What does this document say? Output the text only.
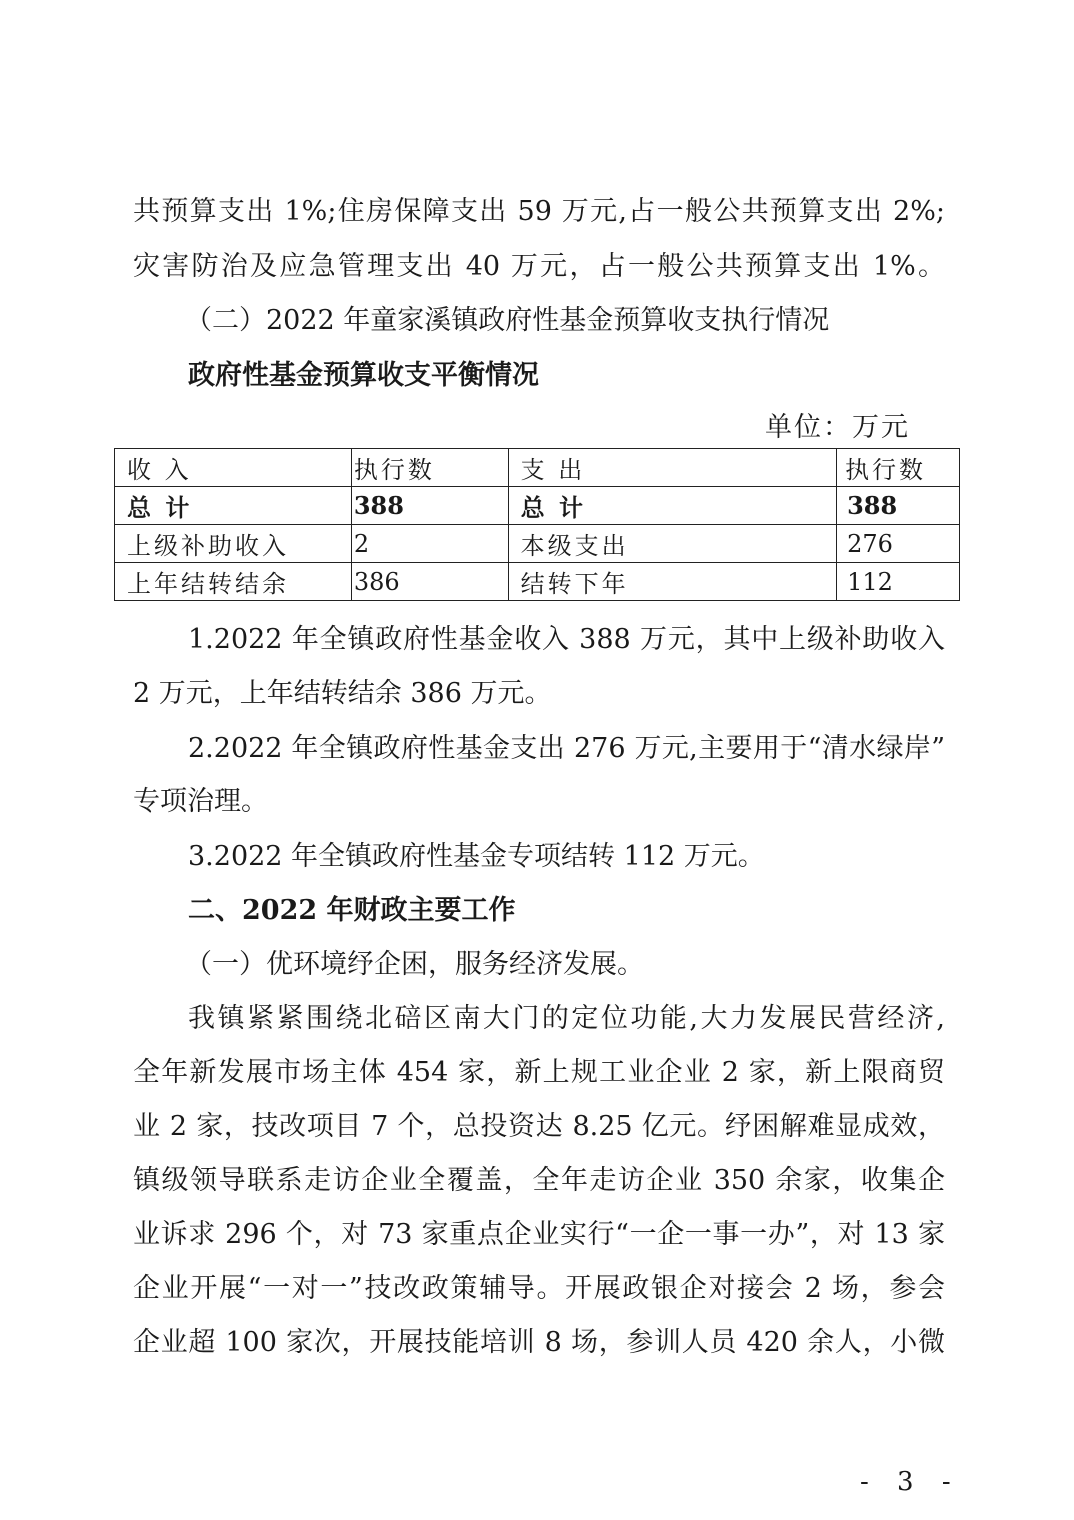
共预算支出 1%;住房保障支出 59 万元,占一般公共预算支出 2%;

灾害防治及应急管理支出 40 万元，占一般公共预算支出 1%。

（二）2022 年童家溪镇政府性基金预算收支执行情况

政府性基金预算收支平衡情况

单位：万元
收 入	执行数	支 出	执行数
总 计	388	总 计	388
上级补助收入	2	本级支出	276
上年结转结余	386	结转下年	112

1.2022 年全镇政府性基金收入 388 万元，其中上级补助收入

2 万元，上年结转结余 386 万元。

2.2022 年全镇政府性基金支出 276 万元,主要用于“清水绿岸”

专项治理。

3.2022 年全镇政府性基金专项结转 112 万元。

二、2022 年财政主要工作

（一）优环境纾企困，服务经济发展。

我镇紧紧围绕北碚区南大门的定位功能,大力发展民营经济,

全年新发展市场主体 454 家，新上规工业企业 2 家，新上限商贸

业 2 家，技改项目 7 个，总投资达 8.25 亿元。纾困解难显成效，

镇级领导联系走访企业全覆盖，全年走访企业 350 余家，收集企

业诉求 296 个，对 73 家重点企业实行“一企一事一办”，对 13 家

企业开展“一对一”技改政策辅导。开展政银企对接会 2 场，参会

企业超 100 家次，开展技能培训 8 场，参训人员 420 余人，小微

- 3 -
